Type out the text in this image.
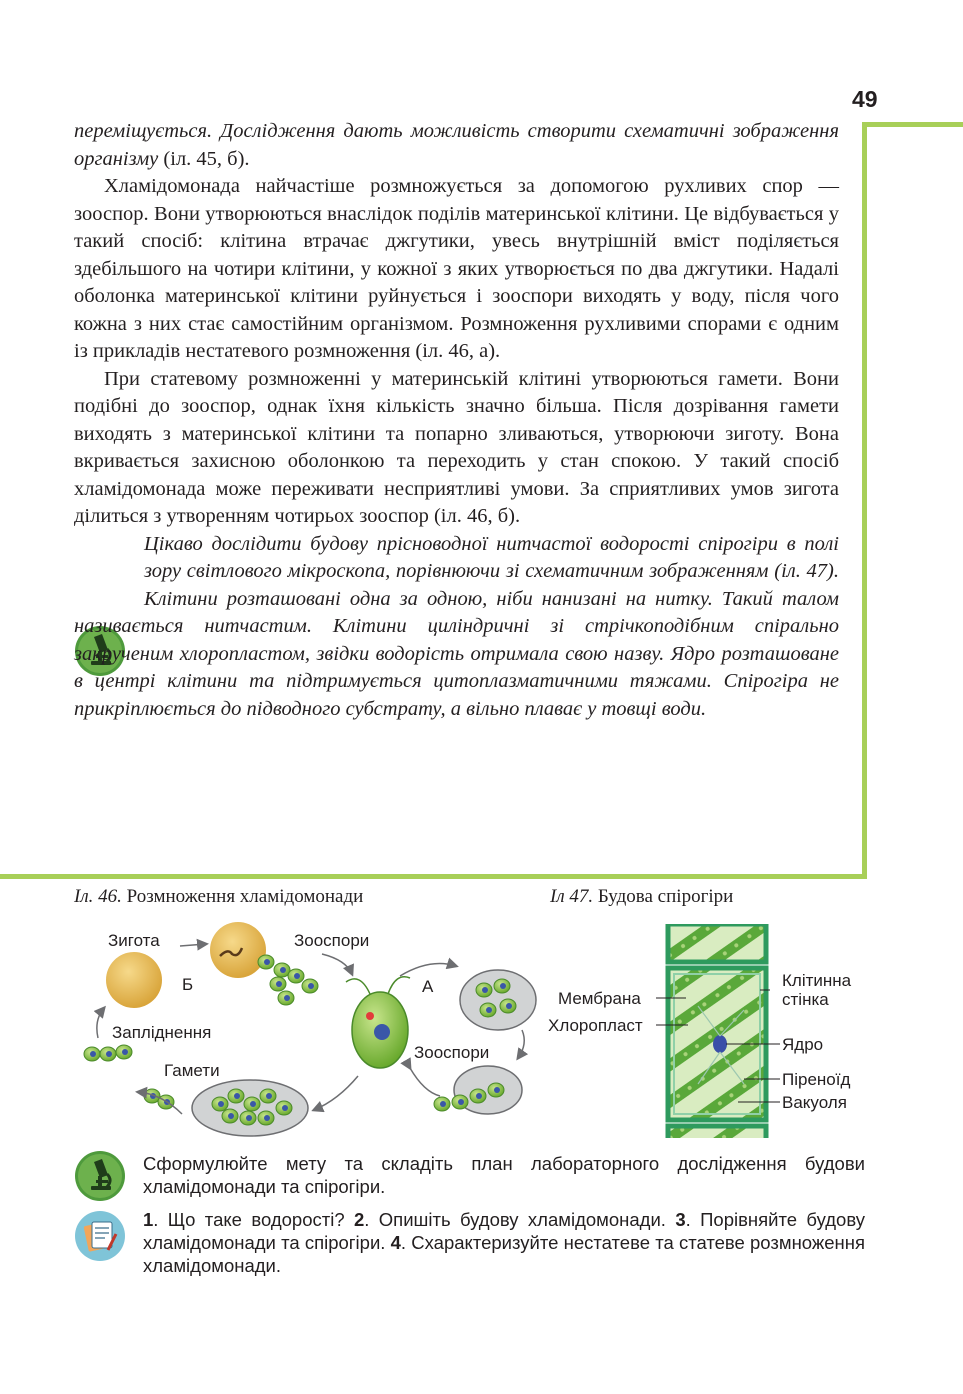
49

переміщується. Дослідження дають можливість створити схематичні зображення організму (іл. 45, б).

Хламідомонада найчастіше розмножується за допомогою рухливих спор — зооспор. Вони утворюються внаслідок поділів материнської клітини. Це відбувається у такий спосіб: клітина втрачає джгутики, увесь внутрішній вміст поділяється здебільшого на чотири клітини, у кожної з яких утворюється по два джгутики. Надалі оболонка материнської клітини руйнується і зооспори виходять у воду, після чого кожна з них стає самостійним організмом. Розмноження рухливими спорами є одним із прикладів нестатевого розмноження (іл. 46, а).

При статевому розмноженні у материнській клітині утворюються гамети. Вони подібні до зооспор, однак їхня кількість значно більша. Після дозрівання гамети виходять з материнської клітини та попарно зливаються, утворюючи зиготу. Вона вкривається захисною оболонкою та переходить у стан спокою. У такий спосіб хламідомонада може переживати несприятливі умови. За сприятливих умов зигота ділиться з утворенням чотирьох зооспор (іл. 46, б).

Цікаво дослідити будову прісноводної нитчастої водорості спірогіри в полі зору світлового мікроскопа, порівнюючи зі схематичним зображенням (іл. 47). Клітини розташовані одна за одною, ніби нанизані на нитку. Такий талом називається нитчастим. Клітини циліндричні зі стрічкоподібним спірально закрученим хлоропластом, звідки водорість отримала свою назву. Ядро розташоване в центрі клітини та підтримується цитоплазматичними тяжами. Спірогіра не прикріплюється до підводного субстрату, а вільно плаває у товщі води.

Іл. 46. Розмноження хламідомонади	Іл 47. Будова спірогіри
Зигота	Зооспори
Б	А
Запліднення
Зооспори
Гамети
Мембрана
Хлоропласт
Клітинна
стінка
Ядро
Піреноїд
Вакуоля
Сформулюйте мету та складіть план лабораторного дослідження будови хламідомонади та спірогіри.
1. Що таке водорості? 2. Опишіть будову хламідомонади. 3. Порівняйте будову хламідомонади та спірогіри. 4. Схарактеризуйте нестатеве та статеве розмноження хламідомонади.
